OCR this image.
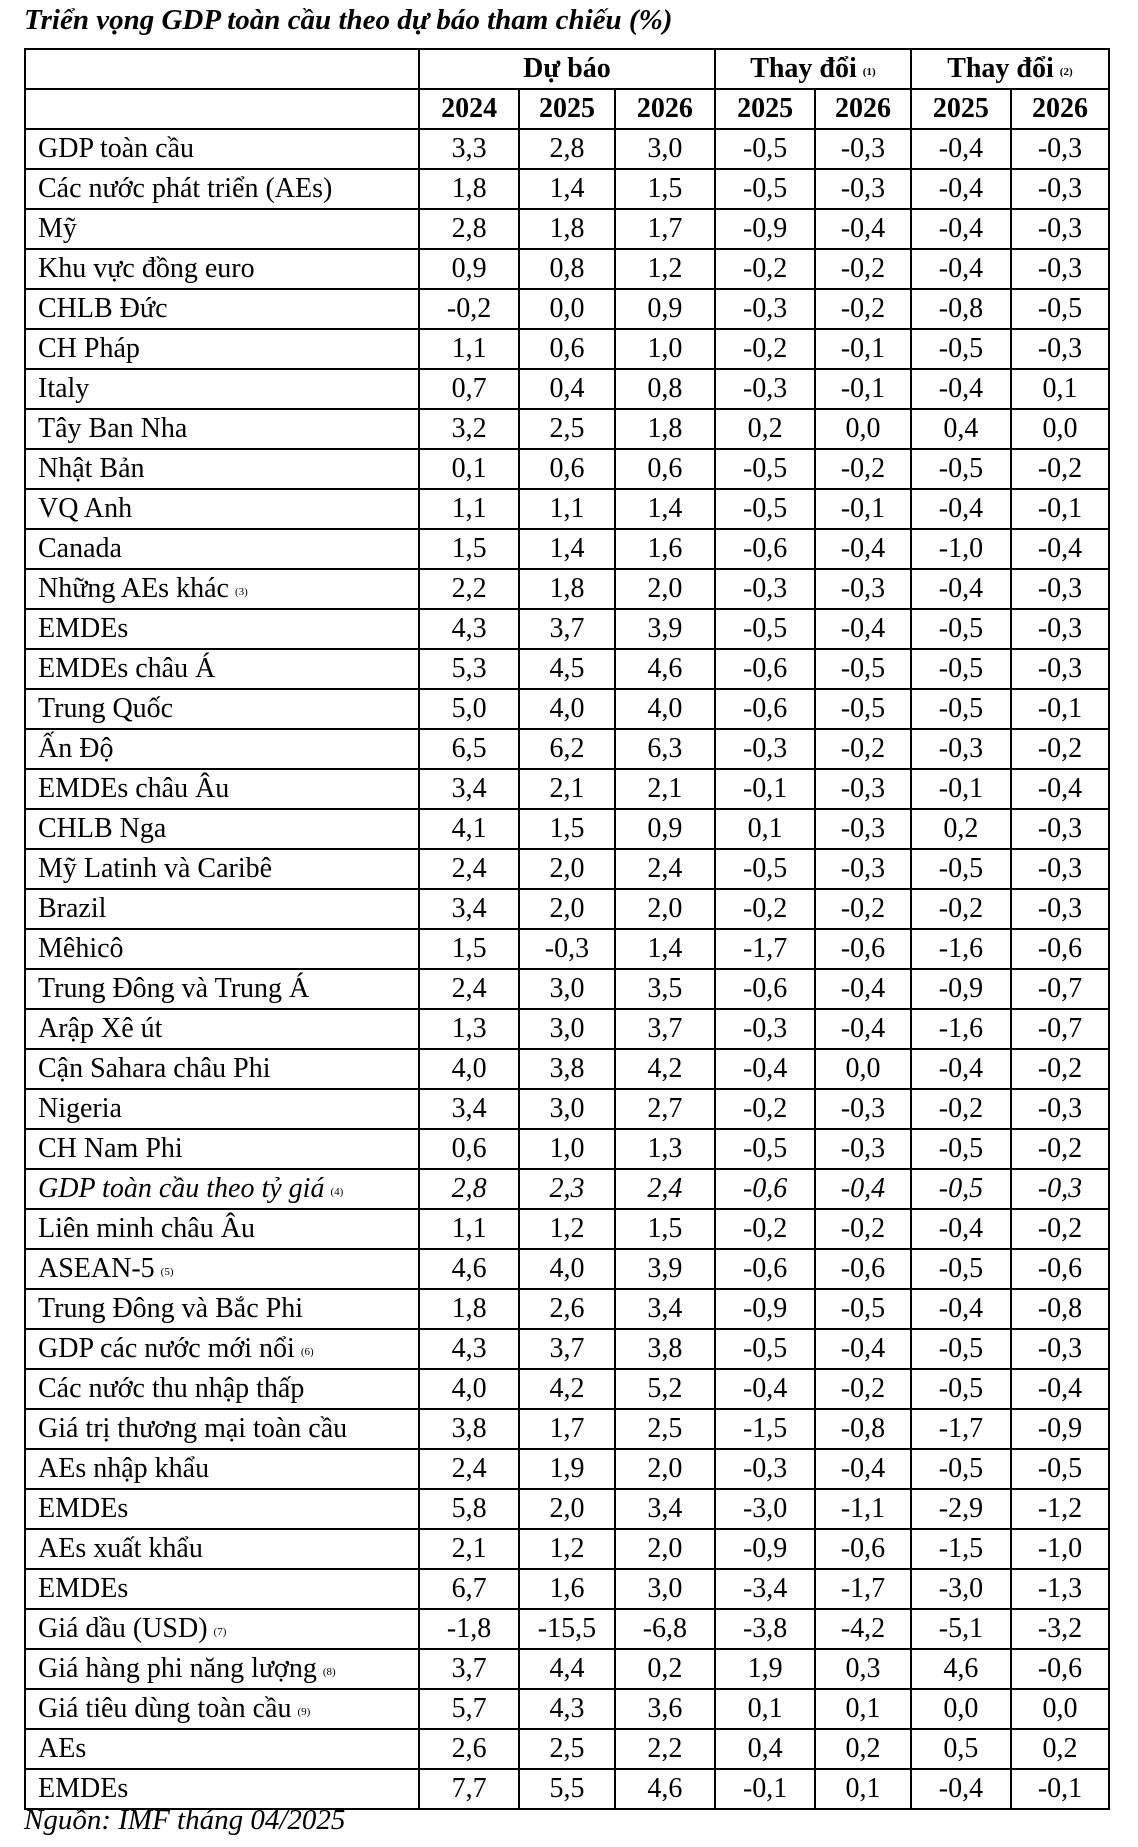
Triển vọng GDP toàn cầu theo dự báo tham chiếu (%)
	Dự báo			Thay đổi $^{(1)}$		Thay đổi $^{(2)}$
	2024	2025	2026	2025	2026	2025	2026
GDP toàn cầu	3,3	2,8	3,0	-0,5	-0,3	-0,4	-0,3
Các nước phát triển (AEs)	1,8	1,4	1,5	-0,5	-0,3	-0,4	-0,3
Mỹ	2,8	1,8	1,7	-0,9	-0,4	-0,4	-0,3
Khu vực đồng euro	0,9	0,8	1,2	-0,2	-0,2	-0,4	-0,3
CHLB Đức	-0,2	0,0	0,9	-0,3	-0,2	-0,8	-0,5
CH Pháp	1,1	0,6	1,0	-0,2	-0,1	-0,5	-0,3
Italy	0,7	0,4	0,8	-0,3	-0,1	-0,4	0,1
Tây Ban Nha	3,2	2,5	1,8	0,2	0,0	0,4	0,0
Nhật Bản	0,1	0,6	0,6	-0,5	-0,2	-0,5	-0,2
VQ Anh	1,1	1,1	1,4	-0,5	-0,1	-0,4	-0,1
Canada	1,5	1,4	1,6	-0,6	-0,4	-1,0	-0,4
Những AEs khác $^{(3)}$	2,2	1,8	2,0	-0,3	-0,3	-0,4	-0,3
EMDEs	4,3	3,7	3,9	-0,5	-0,4	-0,5	-0,3
EMDEs châu Á	5,3	4,5	4,6	-0,6	-0,5	-0,5	-0,3
Trung Quốc	5,0	4,0	4,0	-0,6	-0,5	-0,5	-0,1
Ấn Độ	6,5	6,2	6,3	-0,3	-0,2	-0,3	-0,2
EMDEs châu Âu	3,4	2,1	2,1	-0,1	-0,3	-0,1	-0,4
CHLB Nga	4,1	1,5	0,9	0,1	-0,3	0,2	-0,3
Mỹ Latinh và Caribê	2,4	2,0	2,4	-0,5	-0,3	-0,5	-0,3
Brazil	3,4	2,0	2,0	-0,2	-0,2	-0,2	-0,3
Mêhicô	1,5	-0,3	1,4	-1,7	-0,6	-1,6	-0,6
Trung Đông và Trung Á	2,4	3,0	3,5	-0,6	-0,4	-0,9	-0,7
Arập Xê út	1,3	3,0	3,7	-0,3	-0,4	-1,6	-0,7
Cận Sahara châu Phi	4,0	3,8	4,2	-0,4	0,0	-0,4	-0,2
Nigeria	3,4	3,0	2,7	-0,2	-0,3	-0,2	-0,3
CH Nam Phi	0,6	1,0	1,3	-0,5	-0,3	-0,5	-0,2
GDP toàn cầu theo tỷ giá $^{(4)}$	2,8	2,3	2,4	-0,6	-0,4	-0,5	-0,3
Liên minh châu Âu	1,1	1,2	1,5	-0,2	-0,2	-0,4	-0,2
ASEAN-5 $^{(5)}$	4,6	4,0	3,9	-0,6	-0,6	-0,5	-0,6
Trung Đông và Bắc Phi	1,8	2,6	3,4	-0,9	-0,5	-0,4	-0,8
GDP các nước mới nổi $^{(6)}$	4,3	3,7	3,8	-0,5	-0,4	-0,5	-0,3
Các nước thu nhập thấp	4,0	4,2	5,2	-0,4	-0,2	-0,5	-0,4
Giá trị thương mại toàn cầu	3,8	1,7	2,5	-1,5	-0,8	-1,7	-0,9
AEs nhập khẩu	2,4	1,9	2,0	-0,3	-0,4	-0,5	-0,5
EMDEs	5,8	2,0	3,4	-3,0	-1,1	-2,9	-1,2
AEs xuất khẩu	2,1	1,2	2,0	-0,9	-0,6	-1,5	-1,0
EMDEs	6,7	1,6	3,0	-3,4	-1,7	-3,0	-1,3
Giá dầu (USD) $^{(7)}$	-1,8	-15,5	-6,8	-3,8	-4,2	-5,1	-3,2
Giá hàng phi năng lượng $^{(8)}$	3,7	4,4	0,2	1,9	0,3	4,6	-0,6
Giá tiêu dùng toàn cầu $^{(9)}$	5,7	4,3	3,6	0,1	0,1	0,0	0,0
AEs	2,6	2,5	2,2	0,4	0,2	0,5	0,2
EMDEs	7,7	5,5	4,6	-0,1	0,1	-0,4	-0,1
Nguồn: IMF tháng 04/2025
